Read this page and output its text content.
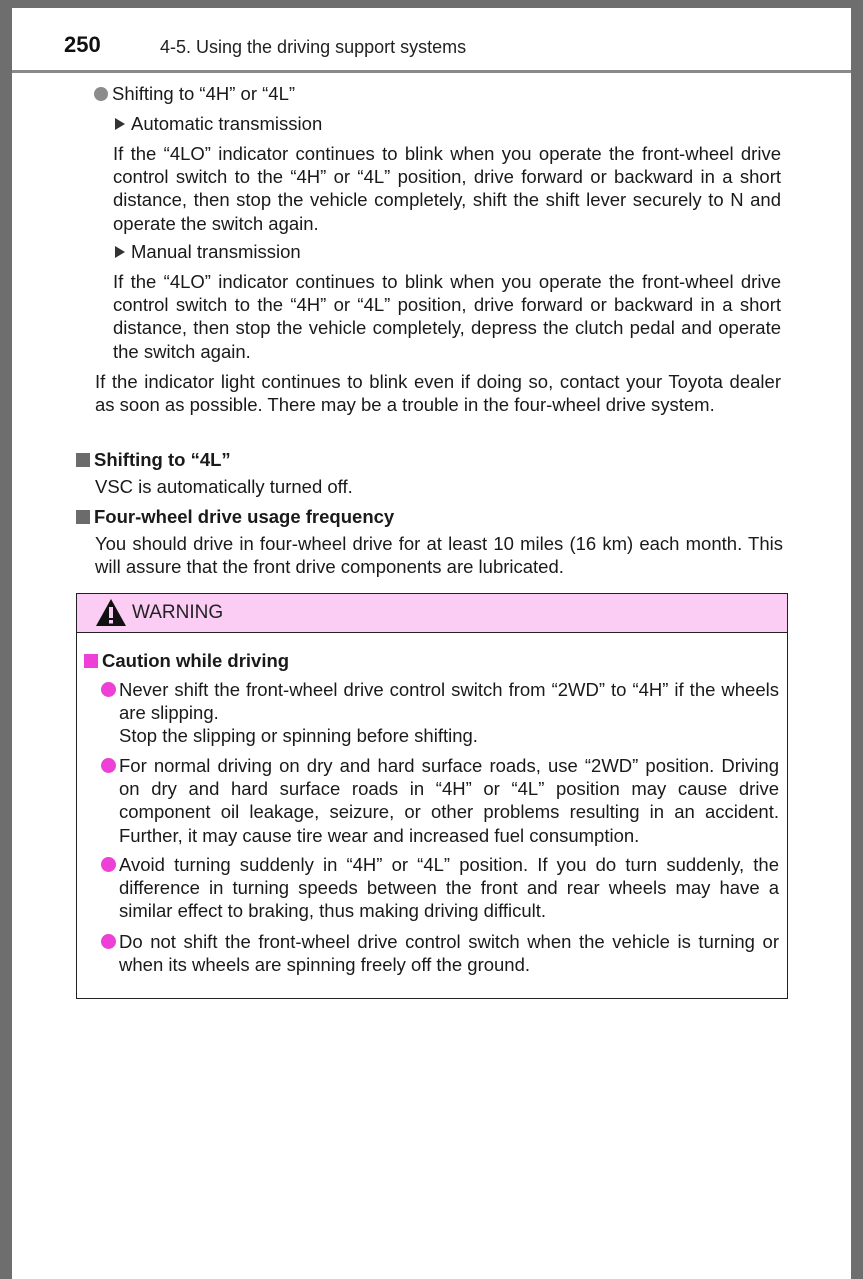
250	4-5. Using the driving support systems
Shifting to “4H” or “4L”
Automatic transmission
If the “4LO” indicator continues to blink when you operate the front-wheel drive control switch to the “4H” or “4L” position, drive forward or backward in a short distance, then stop the vehicle completely, shift the shift lever securely to N and operate the switch again.
Manual transmission
If the “4LO” indicator continues to blink when you operate the front-wheel drive control switch to the “4H” or “4L” position, drive forward or backward in a short distance, then stop the vehicle completely, depress the clutch pedal and operate the switch again.
If the indicator light continues to blink even if doing so, contact your Toyota dealer as soon as possible. There may be a trouble in the four-wheel drive system.
Shifting to “4L”
VSC is automatically turned off.
Four-wheel drive usage frequency
You should drive in four-wheel drive for at least 10 miles (16 km) each month. This will assure that the front drive components are lubricated.
WARNING
Caution while driving
Never shift the front-wheel drive control switch from “2WD” to “4H” if the wheels are slipping.
Stop the slipping or spinning before shifting.
For normal driving on dry and hard surface roads, use “2WD” position. Driving on dry and hard surface roads in “4H” or “4L” position may cause drive component oil leakage, seizure, or other problems resulting in an accident. Further, it may cause tire wear and increased fuel consumption.
Avoid turning suddenly in “4H” or “4L” position. If you do turn suddenly, the difference in turning speeds between the front and rear wheels may have a similar effect to braking, thus making driving difficult.
Do not shift the front-wheel drive control switch when the vehicle is turning or when its wheels are spinning freely off the ground.
